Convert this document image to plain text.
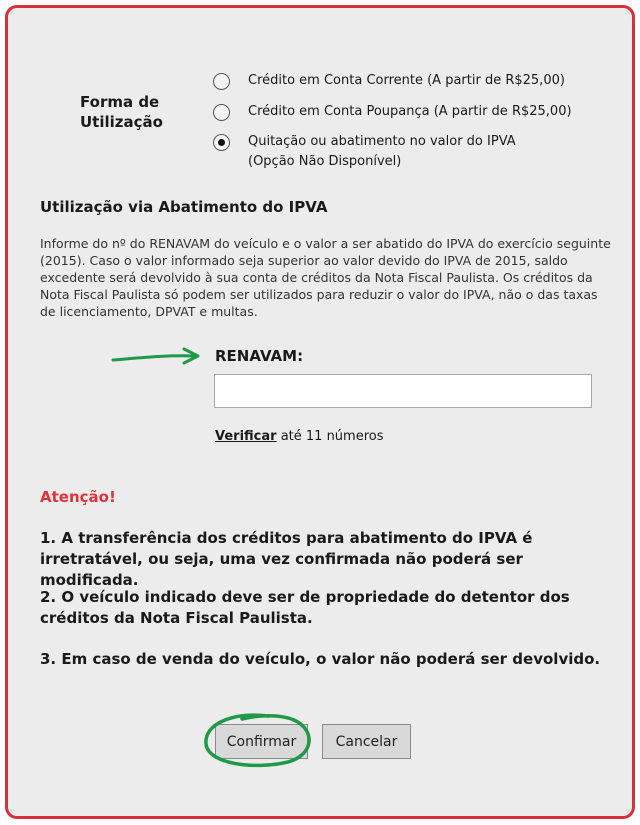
Forma de Utilização
Crédito em Conta Corrente (A partir de R$25,00)
Crédito em Conta Poupança (A partir de R$25,00)
Quitação ou abatimento no valor do IPVA
(Opção Não Disponível)
Utilização via Abatimento do IPVA
Informe do nº do RENAVAM do veículo e o valor a ser abatido do IPVA do exercício seguinte (2015). Caso o valor informado seja superior ao valor devido do IPVA de 2015, saldo excedente será devolvido à sua conta de créditos da Nota Fiscal Paulista. Os créditos da Nota Fiscal Paulista só podem ser utilizados para reduzir o valor do IPVA, não o das taxas de licenciamento, DPVAT e multas.
RENAVAM:
Verificar até 11 números
Atenção!
1. A transferência dos créditos para abatimento do IPVA é irretratável, ou seja, uma vez confirmada não poderá ser modificada.
2. O veículo indicado deve ser de propriedade do detentor dos créditos da Nota Fiscal Paulista.
3. Em caso de venda do veículo, o valor não poderá ser devolvido.
Confirmar	Cancelar
